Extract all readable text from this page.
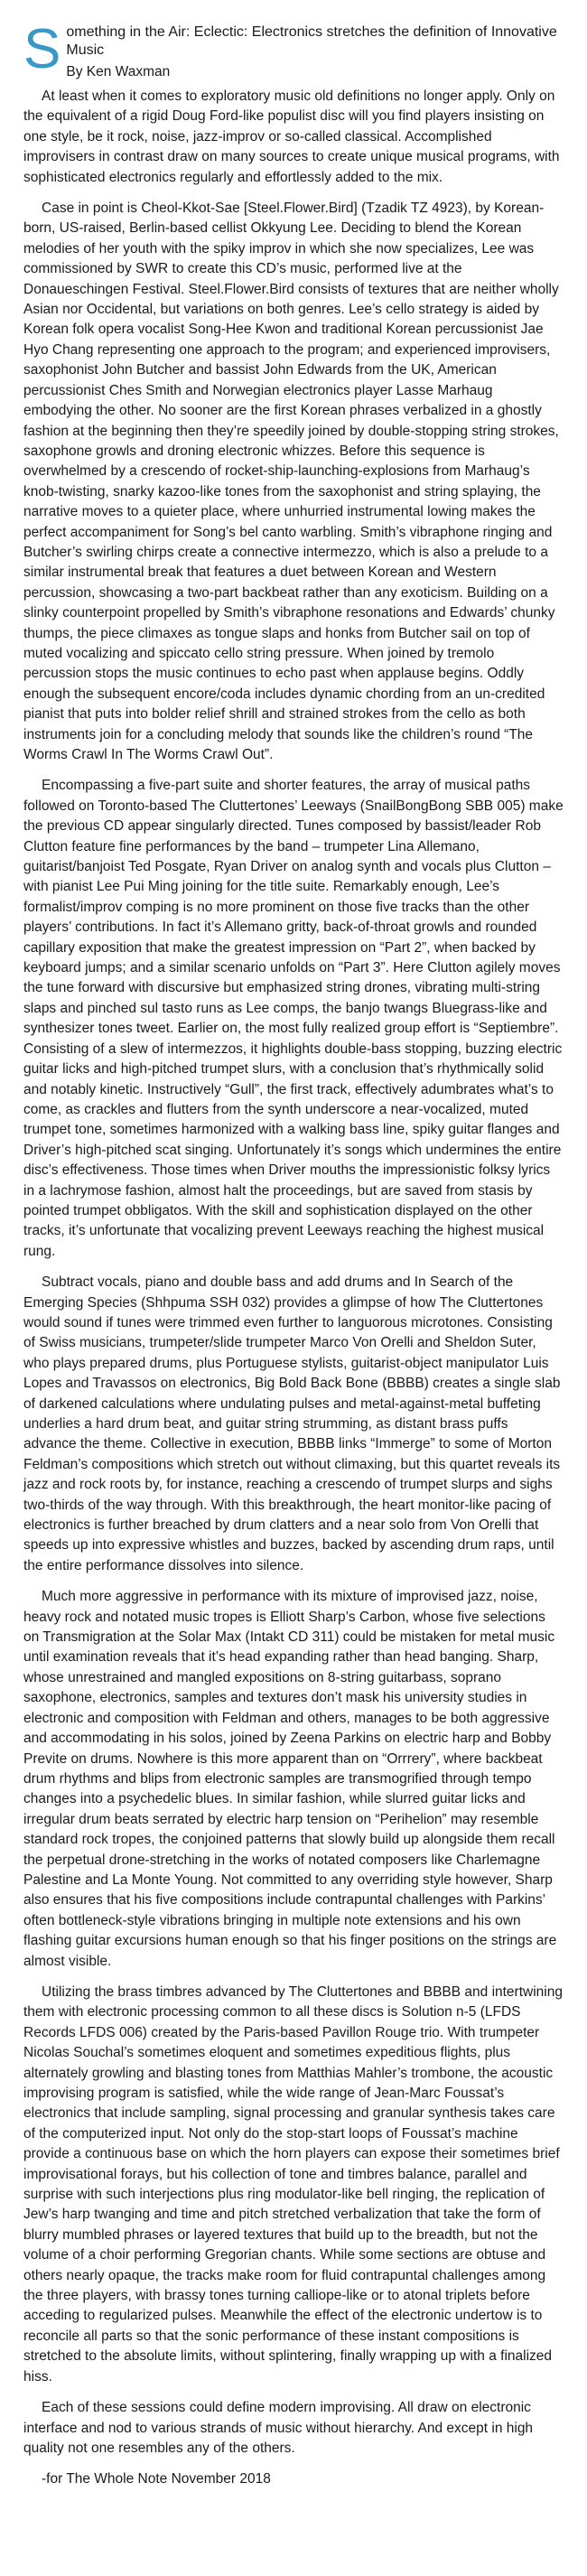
S omething in the Air: Eclectic: Electronics stretches the definition of Innovative Music
By Ken Waxman

At least when it comes to exploratory music old definitions no longer apply. Only on the equivalent of a rigid Doug Ford-like populist disc will you find players insisting on one style, be it rock, noise, jazz-improv or so-called classical. Accomplished improvisers in contrast draw on many sources to create unique musical programs, with sophisticated electronics regularly and effortlessly added to the mix.

Case in point is Cheol-Kkot-Sae [Steel.Flower.Bird] (Tzadik TZ 4923), by Korean-born, US-raised, Berlin-based cellist Okkyung Lee. Deciding to blend the Korean melodies of her youth with the spiky improv in which she now specializes, Lee was commissioned by SWR to create this CD’s music, performed live at the Donaueschingen Festival. Steel.Flower.Bird consists of textures that are neither wholly Asian nor Occidental, but variations on both genres. Lee’s cello strategy is aided by Korean folk opera vocalist Song-Hee Kwon and traditional Korean percussionist Jae Hyo Chang representing one approach to the program; and experienced improvisers, saxophonist John Butcher and bassist John Edwards from the UK, American percussionist Ches Smith and Norwegian electronics player Lasse Marhaug embodying the other. No sooner are the first Korean phrases verbalized in a ghostly fashion at the beginning then they’re speedily joined by double-stopping string strokes, saxophone growls and droning electronic whizzes. Before this sequence is overwhelmed by a crescendo of rocket-ship-launching-explosions from Marhaug’s knob-twisting, snarky kazoo-like tones from the saxophonist and string splaying, the narrative moves to a quieter place, where unhurried instrumental lowing makes the perfect accompaniment for Song’s bel canto warbling. Smith’s vibraphone ringing and Butcher’s swirling chirps create a connective intermezzo, which is also a prelude to a similar instrumental break that features a duet between Korean and Western percussion, showcasing a two-part backbeat rather than any exoticism. Building on a slinky counterpoint propelled by Smith’s vibraphone resonations and Edwards’ chunky thumps, the piece climaxes as tongue slaps and honks from Butcher sail on top of muted vocalizing and spiccato cello string pressure. When joined by tremolo percussion stops the music continues to echo past when applause begins. Oddly enough the subsequent encore/coda includes dynamic chording from an un-credited pianist that puts into bolder relief shrill and strained strokes from the cello as both instruments join for a concluding melody that sounds like the children’s round “The Worms Crawl In The Worms Crawl Out”.

Encompassing a five-part suite and shorter features, the array of musical paths followed on Toronto-based The Cluttertones’ Leeways (SnailBongBong SBB 005) make the previous CD appear singularly directed. Tunes composed by bassist/leader Rob Clutton feature fine performances by the band – trumpeter Lina Allemano, guitarist/banjoist Ted Posgate, Ryan Driver on analog synth and vocals plus Clutton – with pianist Lee Pui Ming joining for the title suite. Remarkably enough, Lee’s formalist/improv comping is no more prominent on those five tracks than the other players’ contributions. In fact it’s Allemano gritty, back-of-throat growls and rounded capillary exposition that make the greatest impression on “Part 2”, when backed by keyboard jumps; and a similar scenario unfolds on “Part 3”. Here Clutton agilely moves the tune forward with discursive but emphasized string drones, vibrating multi-string slaps and pinched sul tasto runs as Lee comps, the banjo twangs Bluegrass-like and synthesizer tones tweet. Earlier on, the most fully realized group effort is “Septiembre”. Consisting of a slew of intermezzos, it highlights double-bass stopping, buzzing electric guitar licks and high-pitched trumpet slurs, with a conclusion that’s rhythmically solid and notably kinetic. Instructively “Gull”, the first track, effectively adumbrates what’s to come, as crackles and flutters from the synth underscore a near-vocalized, muted trumpet tone, sometimes harmonized with a walking bass line, spiky guitar flanges and Driver’s high-pitched scat singing. Unfortunately it’s songs which undermines the entire disc’s effectiveness. Those times when Driver mouths the impressionistic folksy lyrics in a lachrymose fashion, almost halt the proceedings, but are saved from stasis by pointed trumpet obbligatos. With the skill and sophistication displayed on the other tracks, it’s unfortunate that vocalizing prevent Leeways reaching the highest musical rung.

Subtract vocals, piano and double bass and add drums and In Search of the Emerging Species (Shhpuma SSH 032) provides a glimpse of how The Cluttertones would sound if tunes were trimmed even further to languorous microtones. Consisting of Swiss musicians, trumpeter/slide trumpeter Marco Von Orelli and Sheldon Suter, who plays prepared drums, plus Portuguese stylists, guitarist-object manipulator Luis Lopes and Travassos on electronics, Big Bold Back Bone (BBBB) creates a single slab of darkened calculations where undulating pulses and metal-against-metal buffeting underlies a hard drum beat, and guitar string strumming, as distant brass puffs advance the theme. Collective in execution, BBBB links “Immerge” to some of Morton Feldman’s compositions which stretch out without climaxing, but this quartet reveals its jazz and rock roots by, for instance, reaching a crescendo of trumpet slurps and sighs two-thirds of the way through. With this breakthrough, the heart monitor-like pacing of electronics is further breached by drum clatters and a near solo from Von Orelli that speeds up into expressive whistles and buzzes, backed by ascending drum raps, until the entire performance dissolves into silence.

Much more aggressive in performance with its mixture of improvised jazz, noise, heavy rock and notated music tropes is Elliott Sharp’s Carbon, whose five selections on Transmigration at the Solar Max (Intakt CD 311) could be mistaken for metal music until examination reveals that it’s head expanding rather than head banging. Sharp, whose unrestrained and mangled expositions on 8-string guitarbass, soprano saxophone, electronics, samples and textures don’t mask his university studies in electronic and composition with Feldman and others, manages to be both aggressive and accommodating in his solos, joined by Zeena Parkins on electric harp and Bobby Previte on drums. Nowhere is this more apparent than on “Orrrery”, where backbeat drum rhythms and blips from electronic samples are transmogrified through tempo changes into a psychedelic blues. In similar fashion, while slurred guitar licks and irregular drum beats serrated by electric harp tension on “Perihelion” may resemble standard rock tropes, the conjoined patterns that slowly build up alongside them recall the perpetual drone-stretching in the works of notated composers like Charlemagne Palestine and La Monte Young. Not committed to any overriding style however, Sharp also ensures that his five compositions include contrapuntal challenges with Parkins’ often bottleneck-style vibrations bringing in multiple note extensions and his own flashing guitar excursions human enough so that his finger positions on the strings are almost visible.

Utilizing the brass timbres advanced by The Cluttertones and BBBB and intertwining them with electronic processing common to all these discs is Solution n-5 (LFDS Records LFDS 006) created by the Paris-based Pavillon Rouge trio. With trumpeter Nicolas Souchal’s sometimes eloquent and sometimes expeditious flights, plus alternately growling and blasting tones from Matthias Mahler’s trombone, the acoustic improvising program is satisfied, while the wide range of Jean-Marc Foussat’s electronics that include sampling, signal processing and granular synthesis takes care of the computerized input. Not only do the stop-start loops of Foussat’s machine provide a continuous base on which the horn players can expose their sometimes brief improvisational forays, but his collection of tone and timbres balance, parallel and surprise with such interjections plus ring modulator-like bell ringing, the replication of Jew’s harp twanging and time and pitch stretched verbalization that take the form of blurry mumbled phrases or layered textures that build up to the breadth, but not the volume of a choir performing Gregorian chants. While some sections are obtuse and others nearly opaque, the tracks make room for fluid contrapuntal challenges among the three players, with brassy tones turning calliope-like or to atonal triplets before acceding to regularized pulses. Meanwhile the effect of the electronic undertow is to reconcile all parts so that the sonic performance of these instant compositions is stretched to the absolute limits, without splintering, finally wrapping up with a finalized hiss.

Each of these sessions could define modern improvising. All draw on electronic interface and nod to various strands of music without hierarchy. And except in high quality not one resembles any of the others.

-for The Whole Note November 2018
